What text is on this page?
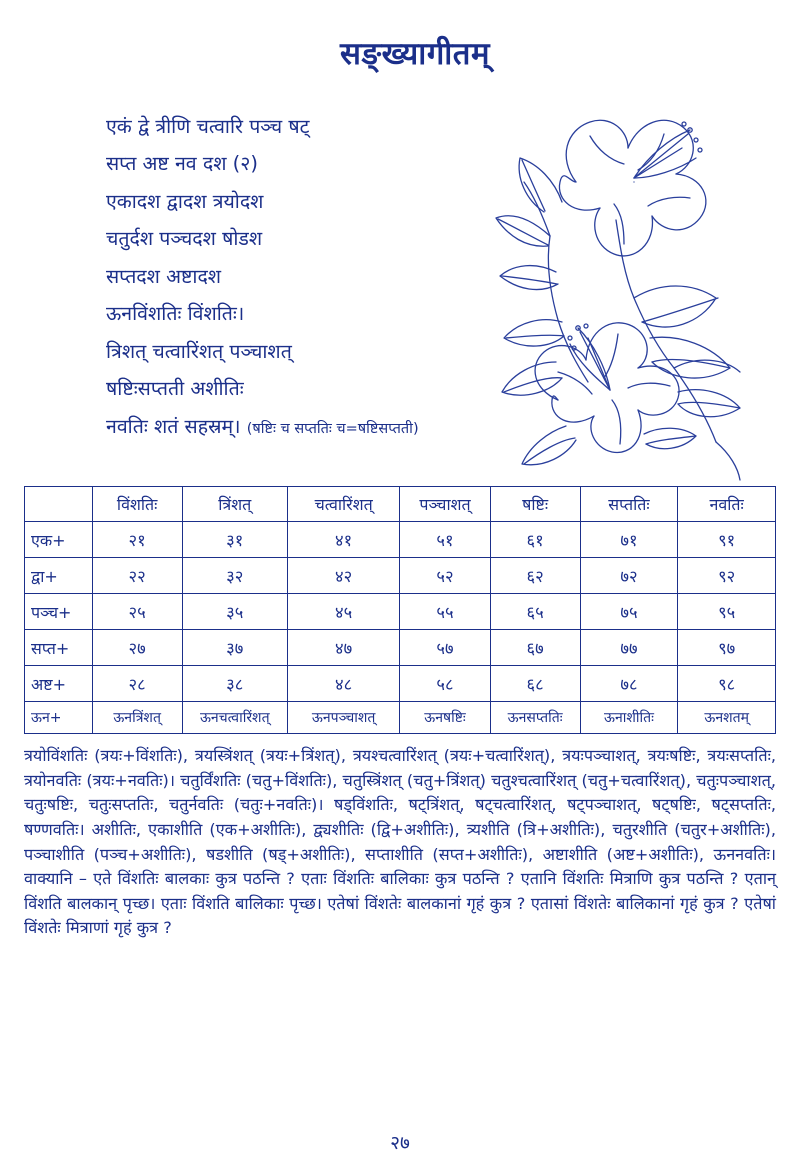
सङ्ख्यागीतम्
एकं द्वे त्रीणि चत्वारि पञ्च षट्
सप्त अष्ट नव दश (२)
एकादश द्वादश त्रयोदश
चतुर्दश पञ्चदश षोडश
सप्तदश अष्टादश
ऊनविंशतिः विंशतिः।
त्रिशत् चत्वारिंशत् पञ्चाशत्
षष्टिःसप्तती अशीतिः
नवतिः शतं सहस्रम्। (षष्टिः च सप्ततिः च=षष्टिसप्तती)
	विंशतिः	त्रिंशत्	चत्वारिंशत्	पञ्चाशत्	षष्टिः	सप्ततिः	नवतिः
एक+	२१	३१	४१	५१	६१	७१	९१
द्वा+	२२	३२	४२	५२	६२	७२	९२
पञ्च+	२५	३५	४५	५५	६५	७५	९५
सप्त+	२७	३७	४७	५७	६७	७७	९७
अष्ट+	२८	३८	४८	५८	६८	७८	९८
ऊन+	ऊनत्रिंशत्	ऊनचत्वारिंशत्	ऊनपञ्चाशत्	ऊनषष्टिः	ऊनसप्ततिः	ऊनाशीतिः	ऊनशतम्
त्रयोविंशतिः (त्रयः+विंशतिः), त्रयस्त्रिंशत् (त्रयः+त्रिंशत्), त्रयश्चत्वारिंशत् (त्रयः+चत्वारिंशत्), त्रयःपञ्चाशत्, त्रयःषष्टिः, त्रयःसप्ततिः, त्रयोनवतिः (त्रयः+नवतिः)। चतुर्विंशतिः (चतु+विंशतिः), चतुस्त्रिंशत् (चतु+त्रिंशत्) चतुश्चत्वारिंशत् (चतु+चत्वारिंशत्), चतुःपञ्चाशत्, चतुःषष्टिः, चतुःसप्ततिः, चतुर्नवतिः (चतुः+नवतिः)। षड्विंशतिः, षट्त्रिंशत्, षट्चत्वारिंशत्, षट्पञ्चाशत्, षट्षष्टिः, षट्सप्ततिः, षण्णवतिः। अशीतिः, एकाशीति (एक+अशीतिः), द्व्यशीतिः (द्वि+अशीतिः), त्र्यशीति (त्रि+अशीतिः), चतुरशीति (चतुर+अशीतिः), पञ्चाशीति (पञ्च+अशीतिः), षडशीति (षड्+अशीतिः), सप्ताशीति (सप्त+अशीतिः), अष्टाशीति (अष्ट+अशीतिः), ऊननवतिः। वाक्यानि – एते विंशतिः बालकाः कुत्र पठन्ति ? एताः विंशतिः बालिकाः कुत्र पठन्ति ? एतानि विंशतिः मित्राणि कुत्र पठन्ति ? एतान् विंशति बालकान् पृच्छ। एताः विंशति बालिकाः पृच्छ। एतेषां विंशतेः बालकानां गृहं कुत्र ? एतासां विंशतेः बालिकानां गृहं कुत्र ? एतेषां विंशतेः मित्राणां गृहं कुत्र ?
२७
